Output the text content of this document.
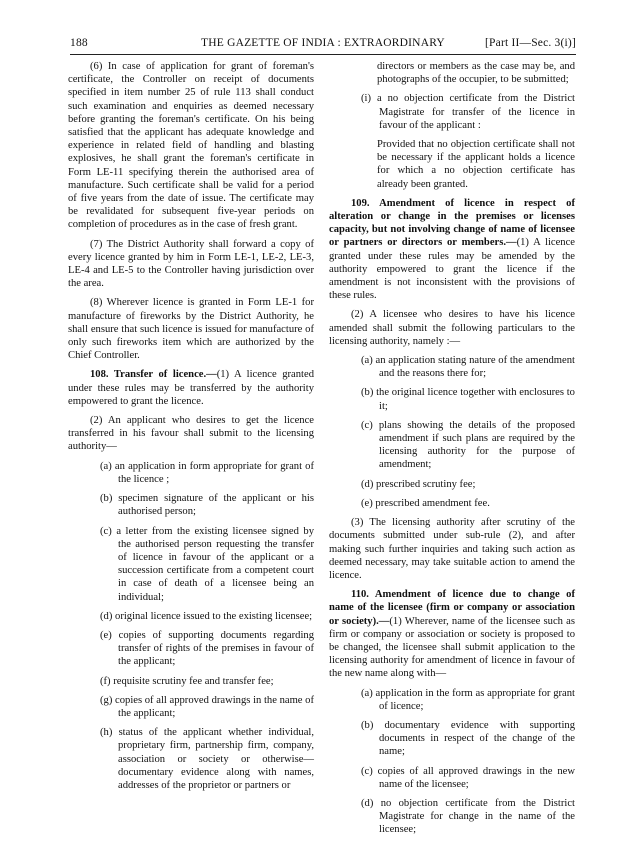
188	THE GAZETTE OF INDIA : EXTRAORDINARY	[Part II—Sec. 3(i)]

(6) In case of application for grant of foreman's certificate, the Controller on receipt of documents specified in item number 25 of rule 113 shall conduct such examination and enquiries as deemed necessary before granting the foreman's certificate. On his being satisfied that the applicant has adequate knowledge and experience in related field of handling and blasting explosives, he shall grant the foreman's certificate in Form LE-11 specifying therein the authorised area of manufacture. Such certificate shall be valid for a period of five years from the date of issue. The certificate may be revalidated for subsequent five-year periods on completion of procedures as in the case of fresh grant.

(7) The District Authority shall forward a copy of every licence granted by him in Form LE-1, LE-2, LE-3, LE-4 and LE-5 to the Controller having jurisdiction over the area.

(8) Wherever licence is granted in Form LE-1 for manufacture of fireworks by the District Authority, he shall ensure that such licence is issued for manufacture of only such fireworks item which are authorized by the Chief Controller.

108. Transfer of licence.—(1) A licence granted under these rules may be transferred by the authority empowered to grant the licence.

(2) An applicant who desires to get the licence transferred in his favour shall submit to the licensing authority—

(a) an application in form appropriate for grant of the licence ;

(b) specimen signature of the applicant or his authorised person;

(c) a letter from the existing licensee signed by the authorised person requesting the transfer of licence in favour of the applicant or a succession certificate from a competent court in case of death of a licensee being an individual;

(d) original licence issued to the existing licensee;

(e) copies of supporting documents regarding transfer of rights of the premises in favour of the applicant;

(f) requisite scrutiny fee and transfer fee;

(g) copies of all approved drawings in the name of the applicant;

(h) status of the applicant whether individual, proprietary firm, partnership firm, company, association or society or otherwise— documentary evidence along with names, addresses of the proprietor or partners or

directors or members as the case may be, and photographs of the occupier, to be submitted;

(i) a no objection certificate from the District Magistrate for transfer of the licence in favour of the applicant :

Provided that no objection certificate shall not be necessary if the applicant holds a licence for which a no objection certificate has already been granted.

109. Amendment of licence in respect of alteration or change in the premises or licenses capacity, but not involving change of name of licensee or partners or directors or members.—(1) A licence granted under these rules may be amended by the authority empowered to grant the licence if the amendment is not inconsistent with the provisions of these rules.

(2) A licensee who desires to have his licence amended shall submit the following particulars to the licensing authority, namely :—

(a) an application stating nature of the amendment and the reasons there for;

(b) the original licence together with enclosures to it;

(c) plans showing the details of the proposed amendment if such plans are required by the licensing authority for the purpose of amendment;

(d) prescribed scrutiny fee;

(e) prescribed amendment fee.

(3) The licensing authority after scrutiny of the documents submitted under sub-rule (2), and after making such further inquiries and taking such action as deemed necessary, may take suitable action to amend the licence.

110. Amendment of licence due to change of name of the licensee (firm or company or association or society).—(1) Wherever, name of the licensee such as firm or company or association or society is proposed to be changed, the licensee shall submit application to the licensing authority for amendment of licence in favour of the new name along with—

(a) application in the form as appropriate for grant of licence;

(b) documentary evidence with supporting documents in respect of the change of the name;

(c) copies of all approved drawings in the new name of the licensee;

(d) no objection certificate from the District Magistrate for change in the name of the licensee;
